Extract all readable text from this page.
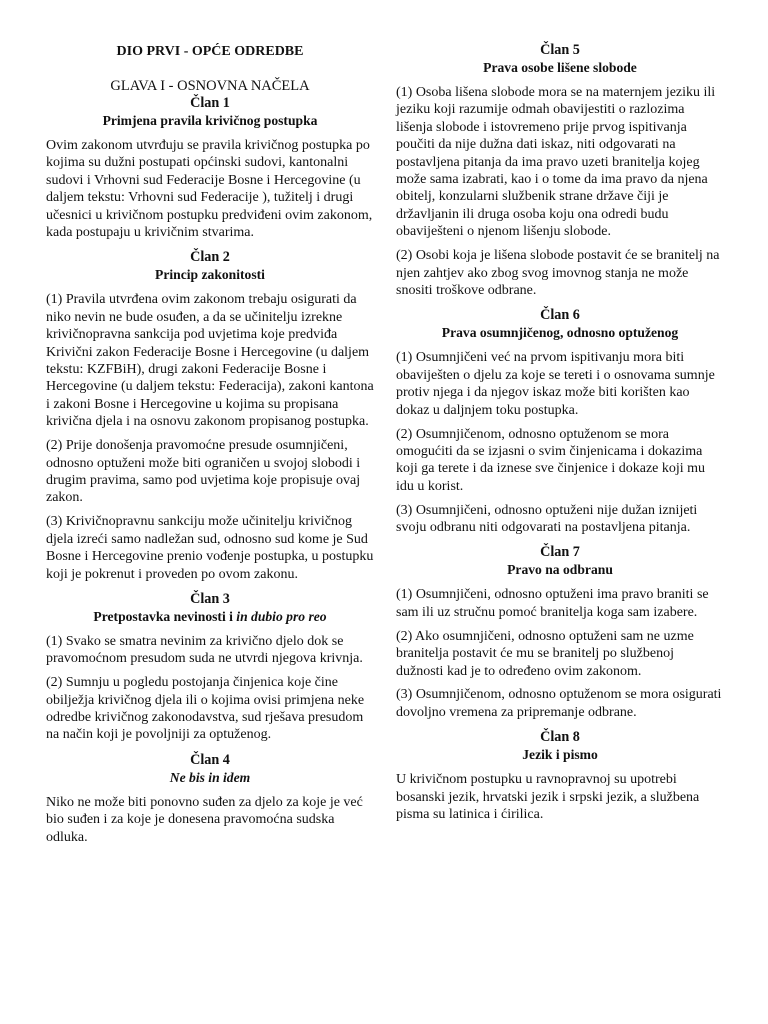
DIO PRVI - OPĆE ODREDBE
GLAVA I - OSNOVNA NAČELA
Član 1
Primjena pravila krivičnog postupka

Ovim zakonom utvrđuju se pravila krivičnog postupka po kojima su dužni postupati općinski sudovi, kantonalni sudovi i Vrhovni sud Federacije Bosne i Hercegovine (u daljem tekstu: Vrhovni sud Federacije ), tužitelj i drugi učesnici u krivičnom postupku predviđeni ovim zakonom, kada postupaju u krivičnim stvarima.

Član 2
Princip zakonitosti

(1) Pravila utvrđena ovim zakonom trebaju osigurati da niko nevin ne bude osuđen, a da se učinitelju izrekne krivičnopravna sankcija pod uvjetima koje predviđa Krivični zakon Federacije Bosne i Hercegovine (u daljem tekstu: KZFBiH), drugi zakoni Federacije Bosne i Hercegovine (u daljem tekstu: Federacija), zakoni kantona i zakoni Bosne i Hercegovine u kojima su propisana krivična djela i na osnovu zakonom propisanog postupka.

(2) Prije donošenja pravomoćne presude osumnjičeni, odnosno optuženi može biti ograničen u svojoj slobodi i drugim pravima, samo pod uvjetima koje propisuje ovaj zakon.

(3) Krivičnopravnu sankciju može učinitelju krivičnog djela izreći samo nadležan sud, odnosno sud kome je Sud Bosne i Hercegovine prenio vođenje postupka, u postupku koji je pokrenut i proveden po ovom zakonu.

Član 3
Pretpostavka nevinosti i in dubio pro reo

(1) Svako se smatra nevinim za krivično djelo dok se pravomoćnom presudom suda ne utvrdi njegova krivnja.

(2) Sumnju u pogledu postojanja činjenica koje čine obilježja krivičnog djela ili o kojima ovisi primjena neke odredbe krivičnog zakonodavstva, sud rješava presudom na način koji je povoljniji za optuženog.

Član 4
Ne bis in idem

Niko ne može biti ponovno suđen za djelo za koje je već bio suđen i za koje je donesena pravomoćna sudska odluka.

Član 5
Prava osobe lišene slobode

(1) Osoba lišena slobode mora se na maternjem jeziku ili jeziku koji razumije odmah obavijestiti o razlozima lišenja slobode i istovremeno prije prvog ispitivanja poučiti da nije dužna dati iskaz, niti odgovarati na postavljena pitanja da ima pravo uzeti branitelja kojeg može sama izabrati, kao i o tome da ima pravo da njena obitelj, konzularni službenik strane države čiji je državljanin ili druga osoba koju ona odredi budu obaviješteni o njenom lišenju slobode.

(2) Osobi koja je lišena slobode postavit će se branitelj na njen zahtjev ako zbog svog imovnog stanja ne može snositi troškove odbrane.

Član 6
Prava osumnjičenog, odnosno optuženog

(1) Osumnjičeni već na prvom ispitivanju mora biti obaviješten o djelu za koje se tereti i o osnovama sumnje protiv njega i da njegov iskaz može biti korišten kao dokaz u daljnjem toku postupka.

(2) Osumnjičenom, odnosno optuženom se mora omogućiti da se izjasni o svim činjenicama i dokazima koji ga terete i da iznese sve činjenice i dokaze koji mu idu u korist.

(3) Osumnjičeni, odnosno optuženi nije dužan iznijeti svoju odbranu niti odgovarati na postavljena pitanja.

Član 7
Pravo na odbranu

(1) Osumnjičeni, odnosno optuženi ima pravo braniti se sam ili uz stručnu pomoć branitelja koga sam izabere.

(2) Ako osumnjičeni, odnosno optuženi sam ne uzme branitelja postavit će mu se branitelj po službenoj dužnosti kad je to određeno ovim zakonom.

(3) Osumnjičenom, odnosno optuženom se mora osigurati dovoljno vremena za pripremanje odbrane.

Član 8
Jezik i pismo

U krivičnom postupku u ravnopravnoj su upotrebi bosanski jezik, hrvatski jezik i srpski jezik, a službena pisma su latinica i ćirilica.
